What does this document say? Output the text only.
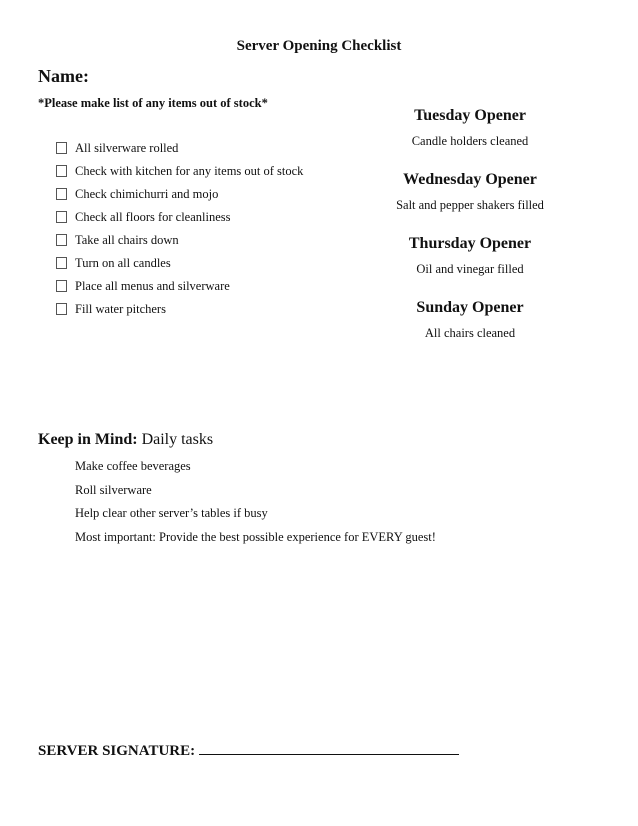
Server Opening Checklist
Name:
*Please make list of any items out of stock*
All silverware rolled
Check with kitchen for any items out of stock
Check chimichurri and mojo
Check all floors for cleanliness
Take all chairs down
Turn on all candles
Place all menus and silverware
Fill water pitchers
Tuesday Opener

Candle holders cleaned

Wednesday Opener

Salt and pepper shakers filled

Thursday Opener

Oil and vinegar filled

Sunday Opener

All chairs cleaned

Keep in Mind: Daily tasks
Make coffee beverages
Roll silverware
Help clear other server’s tables if busy
Most important: Provide the best possible experience for EVERY guest!
SERVER SIGNATURE:
